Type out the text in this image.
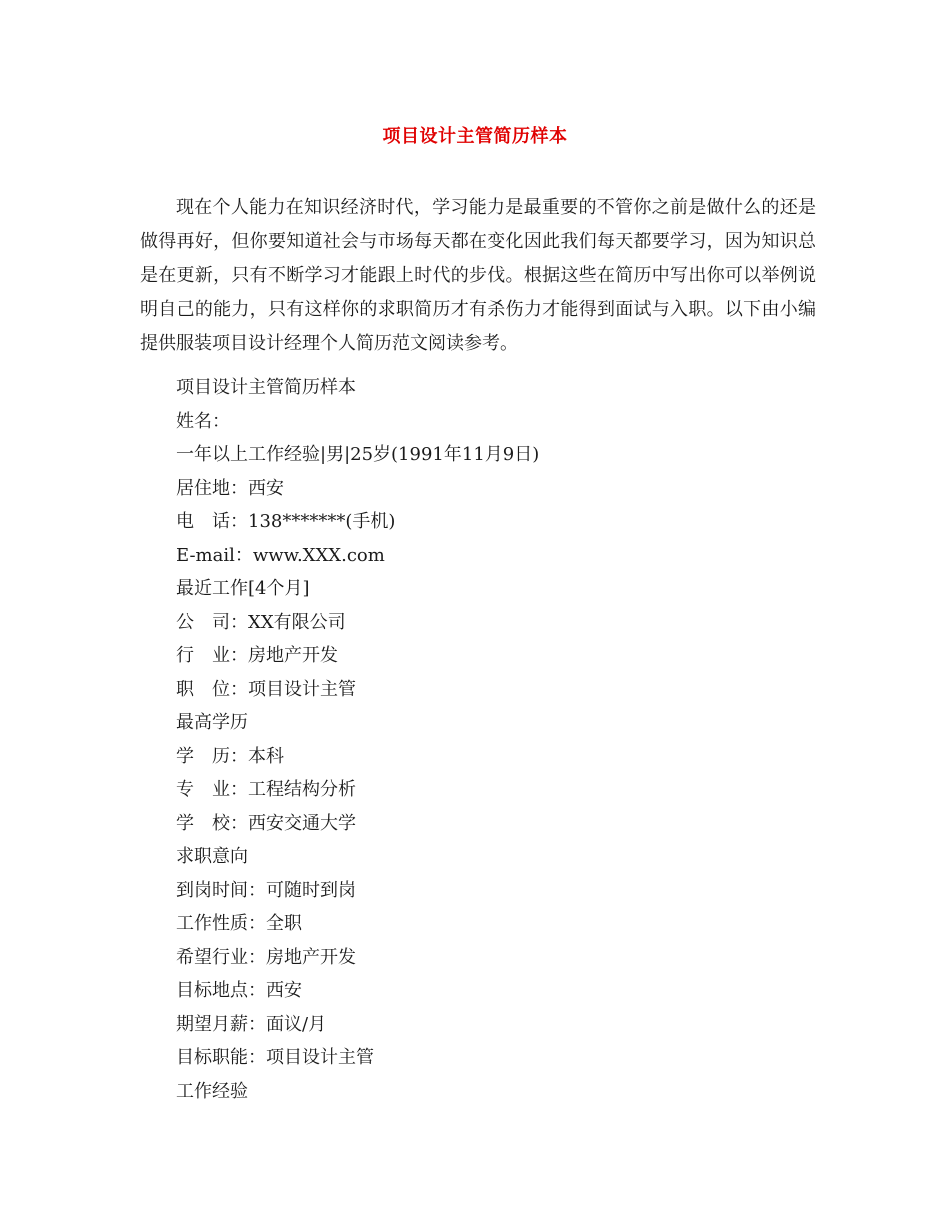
项目设计主管简历样本

现在个人能力在知识经济时代，学习能力是最重要的不管你之前是做什么的还是做得再好，但你要知道社会与市场每天都在变化因此我们每天都要学习，因为知识总是在更新，只有不断学习才能跟上时代的步伐。根据这些在简历中写出你可以举例说明自己的能力，只有这样你的求职简历才有杀伤力才能得到面试与入职。以下由小编提供服装项目设计经理个人简历范文阅读参考。

项目设计主管简历样本
姓名：
一年以上工作经验|男|25岁(1991年11月9日)
居住地：西安
电　话：138*******(手机)
E-mail：www.XXX.com
最近工作[4个月]
公　司：XX有限公司
行　业：房地产开发
职　位：项目设计主管
最高学历
学　历：本科
专　业：工程结构分析
学　校：西安交通大学
求职意向
到岗时间：可随时到岗
工作性质：全职
希望行业：房地产开发
目标地点：西安
期望月薪：面议/月
目标职能：项目设计主管
工作经验
